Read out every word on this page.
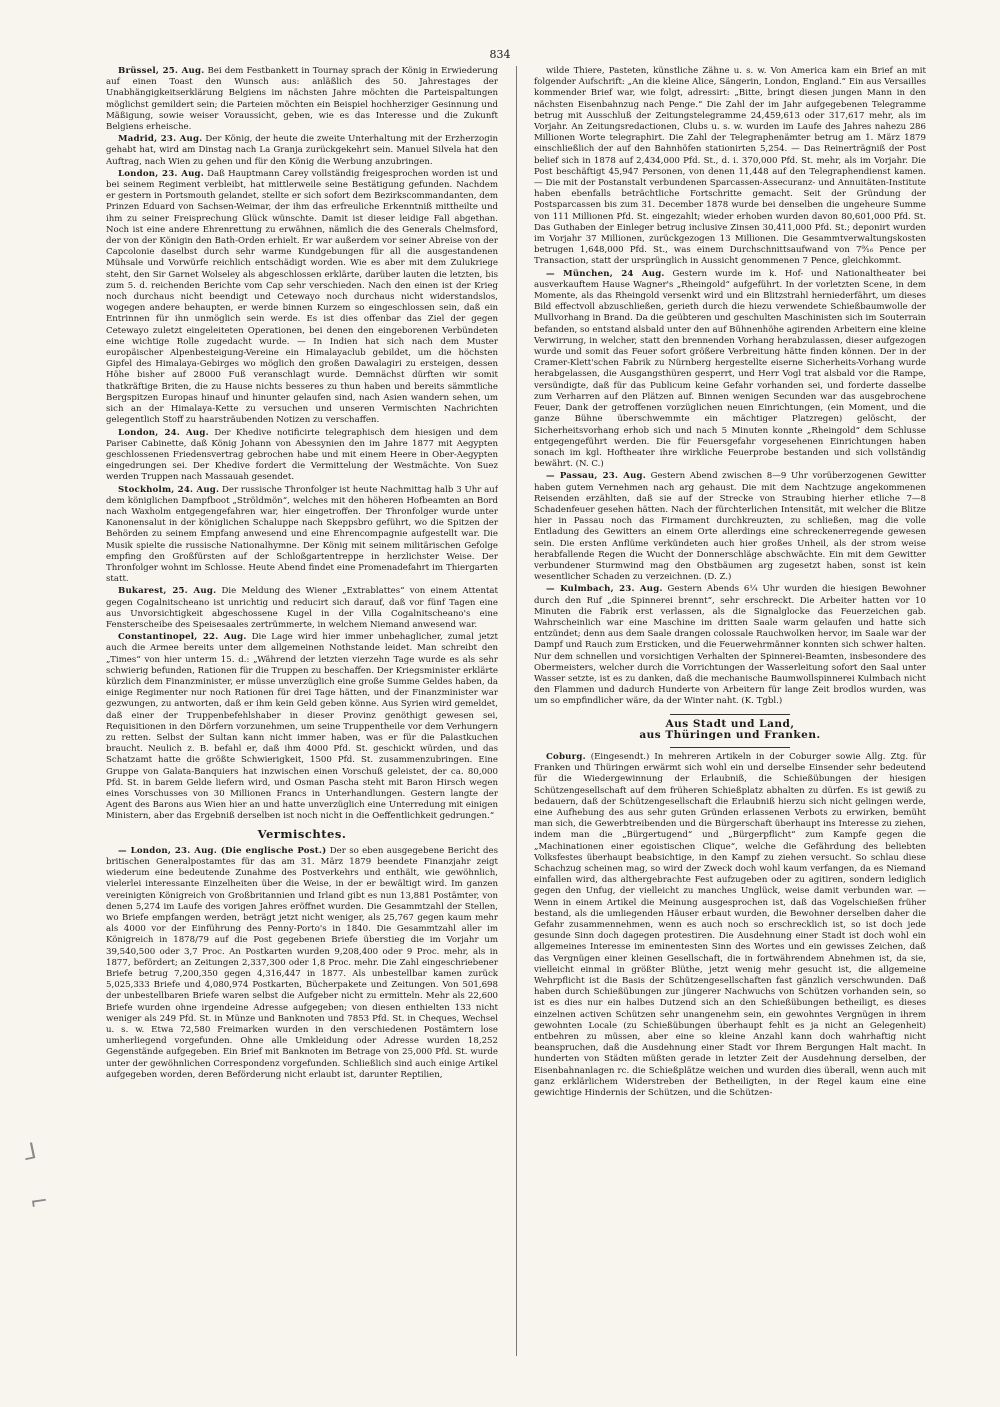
834

Brüssel, 25. Aug. Bei dem Festbankett in Tournay sprach der König in Erwiederung auf einen Toast den Wunsch aus: anläßlich des 50. Jahrestages der Unabhängigkeitserklärung Belgiens im nächsten Jahre möchten die Parteispaltungen möglichst gemildert sein; die Parteien möchten ein Beispiel hochherziger Gesinnung und Mäßigung, sowie weiser Voraussicht, geben, wie es das Interesse und die Zukunft Belgiens erheische.

Madrid, 23. Aug. Der König, der heute die zweite Unterhaltung mit der Erzherzogin gehabt hat, wird am Dinstag nach La Granja zurückgekehrt sein. Manuel Silvela hat den Auftrag, nach Wien zu gehen und für den König die Werbung anzubringen.

London, 23. Aug. Daß Hauptmann Carey vollständig freigesprochen worden ist und bei seinem Regiment verbleibt, hat mittlerweile seine Bestätigung gefunden. Nachdem er gestern in Portsmouth gelandet, stellte er sich sofort dem Bezirkscommandanten, dem Prinzen Eduard von Sachsen-Weimar, der ihm das erfreuliche Erkenntniß mittheilte und ihm zu seiner Freisprechung Glück wünschte. Damit ist dieser leidige Fall abgethan. Noch ist eine andere Ehrenrettung zu erwähnen, nämlich die des Generals Chelmsford, der von der Königin den Bath-Orden erhielt. Er war außerdem vor seiner Abreise von der Capcolonie daselbst durch sehr warme Kundgebungen für all die ausgestandenen Mühsale und Vorwürfe reichlich entschädigt worden. Wie es aber mit dem Zulukriege steht, den Sir Garnet Wolseley als abgeschlossen erklärte, darüber lauten die letzten, bis zum 5. d. reichenden Berichte vom Cap sehr verschieden. Nach den einen ist der Krieg noch durchaus nicht beendigt und Cetewayo noch durchaus nicht widerstandslos, wogegen andere behaupten, er werde binnen Kurzem so eingeschlossen sein, daß ein Entrinnen für ihn unmöglich sein werde. Es ist dies offenbar das Ziel der gegen Cetewayo zuletzt eingeleiteten Operationen, bei denen den eingeborenen Verbündeten eine wichtige Rolle zugedacht wurde. — In Indien hat sich nach dem Muster europäischer Alpenbesteigung-Vereine ein Himalayaclub gebildet, um die höchsten Gipfel des Himalaya-Gebirges wo möglich den großen Dawalagiri zu ersteigen, dessen Höhe bisher auf 28000 Fuß veranschlagt wurde. Demnächst dürften wir somit thatkräftige Briten, die zu Hause nichts besseres zu thun haben und bereits sämmtliche Bergspitzen Europas hinauf und hinunter gelaufen sind, nach Asien wandern sehen, um sich an der Himalaya-Kette zu versuchen und unseren Vermischten Nachrichten gelegentlich Stoff zu haarsträubenden Notizen zu verschaffen.

London, 24. Aug. Der Khedive notificirte telegraphisch dem hiesigen und dem Pariser Cabinette, daß König Johann von Abessynien den im Jahre 1877 mit Aegypten geschlossenen Friedensvertrag gebrochen habe und mit einem Heere in Ober-Aegypten eingedrungen sei. Der Khedive fordert die Vermittelung der Westmächte. Von Suez werden Truppen nach Massauah gesendet.

Stockholm, 24. Aug. Der russische Thronfolger ist heute Nachmittag halb 3 Uhr auf dem königlichen Dampfboot „Ströldmön“, welches mit den höheren Hofbeamten an Bord nach Waxholm entgegengefahren war, hier eingetroffen. Der Thronfolger wurde unter Kanonensalut in der königlichen Schaluppe nach Skeppsbro geführt, wo die Spitzen der Behörden zu seinem Empfang anwesend und eine Ehrencompagnie aufgestellt war. Die Musik spielte die russische Nationalhymne. Der König mit seinem militärischen Gefolge empfing den Großfürsten auf der Schloßgartentreppe in herzlichster Weise. Der Thronfolger wohnt im Schlosse. Heute Abend findet eine Promenadefahrt im Thiergarten statt.

Bukarest, 25. Aug. Die Meldung des Wiener „Extrablattes“ von einem Attentat gegen Cogalnitscheano ist unrichtig und reducirt sich darauf, daß vor fünf Tagen eine aus Unvorsichtigkeit abgeschossene Kugel in der Villa Cogalnitscheano's eine Fensterscheibe des Speisesaales zertrümmerte, in welchem Niemand anwesend war.

Constantinopel, 22. Aug. Die Lage wird hier immer unbehaglicher, zumal jetzt auch die Armee bereits unter dem allgemeinen Nothstande leidet. Man schreibt den „Times“ von hier unterm 15. d.: „Während der letzten vierzehn Tage wurde es als sehr schwierig befunden, Rationen für die Truppen zu beschaffen. Der Kriegsminister erklärte kürzlich dem Finanzminister, er müsse unverzüglich eine große Summe Geldes haben, da einige Regimenter nur noch Rationen für drei Tage hätten, und der Finanzminister war gezwungen, zu antworten, daß er ihm kein Geld geben könne. Aus Syrien wird gemeldet, daß einer der Truppenbefehlshaber in dieser Provinz genöthigt gewesen sei, Requisitionen in den Dörfern vorzunehmen, um seine Truppentheile vor dem Verhungern zu retten. Selbst der Sultan kann nicht immer haben, was er für die Palastkuchen braucht. Neulich z. B. befahl er, daß ihm 4000 Pfd. St. geschickt würden, und das Schatzamt hatte die größte Schwierigkeit, 1500 Pfd. St. zusammenzubringen. Eine Gruppe von Galata-Banquiers hat inzwischen einen Vorschuß geleistet, der ca. 80,000 Pfd. St. in barem Gelde liefern wird, und Osman Pascha steht mit Baron Hirsch wegen eines Vorschusses von 30 Millionen Francs in Unterhandlungen. Gestern langte der Agent des Barons aus Wien hier an und hatte unverzüglich eine Unterredung mit einigen Ministern, aber das Ergebniß derselben ist noch nicht in die Oeffentlichkeit gedrungen.“

Vermischtes.

— London, 23. Aug. (Die englische Post.) Der so eben ausgegebene Bericht des britischen Generalpostamtes für das am 31. März 1879 beendete Finanzjahr zeigt wiederum eine bedeutende Zunahme des Postverkehrs und enthält, wie gewöhnlich, vielerlei interessante Einzelheiten über die Weise, in der er bewältigt wird. Im ganzen vereinigten Königreich von Großbritannien und Irland gibt es nun 13,881 Postämter, von denen 5,274 im Laufe des vorigen Jahres eröffnet wurden. Die Gesammtzahl der Stellen, wo Briefe empfangen werden, beträgt jetzt nicht weniger, als 25,767 gegen kaum mehr als 4000 vor der Einführung des Penny-Porto's in 1840. Die Gesammtzahl aller im Königreich in 1878/79 auf die Post gegebenen Briefe überstieg die im Vorjahr um 39,540,500 oder 3,7 Proc. An Postkarten wurden 9,208,400 oder 9 Proc. mehr, als in 1877, befördert; an Zeitungen 2,337,300 oder 1,8 Proc. mehr. Die Zahl eingeschriebener Briefe betrug 7,200,350 gegen 4,316,447 in 1877. Als unbestellbar kamen zurück 5,025,333 Briefe und 4,080,974 Postkarten, Bücherpakete und Zeitungen. Von 501,698 der unbestellbaren Briefe waren selbst die Aufgeber nicht zu ermitteln. Mehr als 22,600 Briefe wurden ohne irgendeine Adresse aufgegeben; von diesen enthielten 133 nicht weniger als 249 Pfd. St. in Münze und Banknoten und 7853 Pfd. St. in Cheques, Wechsel u. s. w. Etwa 72,580 Freimarken wurden in den verschiedenen Postämtern lose umherliegend vorgefunden. Ohne alle Umkleidung oder Adresse wurden 18,252 Gegenstände aufgegeben. Ein Brief mit Banknoten im Betrage von 25,000 Pfd. St. wurde unter der gewöhnlichen Correspondenz vorgefunden. Schließlich sind auch einige Artikel aufgegeben worden, deren Beförderung nicht erlaubt ist, darunter Reptilien,

wilde Thiere, Pasteten, künstliche Zähne u. s. w. Von America kam ein Brief an mit folgender Aufschrift: „An die kleine Alice, Sängerin, London, England.“ Ein aus Versailles kommender Brief war, wie folgt, adressirt: „Bitte, bringt diesen jungen Mann in den nächsten Eisenbahnzug nach Penge.“ Die Zahl der im Jahr aufgegebenen Telegramme betrug mit Ausschluß der Zeitungstelegramme 24,459,613 oder 317,617 mehr, als im Vorjahr. An Zeitungsredactionen, Clubs u. s. w. wurden im Laufe des Jahres nahezu 286 Millionen Worte telegraphirt. Die Zahl der Telegraphenämter betrug am 1. März 1879 einschließlich der auf den Bahnhöfen stationirten 5,254. — Das Reinerträgniß der Post belief sich in 1878 auf 2,434,000 Pfd. St., d. i. 370,000 Pfd. St. mehr, als im Vorjahr. Die Post beschäftigt 45,947 Personen, von denen 11,448 auf den Telegraphendienst kamen. — Die mit der Postanstalt verbundenen Sparcassen-Assecuranz- und Annuitäten-Institute haben ebenfalls beträchtliche Fortschritte gemacht. Seit der Gründung der Postsparcassen bis zum 31. December 1878 wurde bei denselben die ungeheure Summe von 111 Millionen Pfd. St. eingezahlt; wieder erhoben wurden davon 80,601,000 Pfd. St. Das Guthaben der Einleger betrug inclusive Zinsen 30,411,000 Pfd. St.; deponirt wurden im Vorjahr 37 Millionen, zurückgezogen 13 Millionen. Die Gesammtverwaltungskosten betrugen 1,648,000 Pfd. St., was einem Durchschnittsaufwand von 7⁹⁄₁₆ Pence per Transaction, statt der ursprünglich in Aussicht genommenen 7 Pence, gleichkommt.

— München, 24 Aug. Gestern wurde im k. Hof- und Nationaltheater bei ausverkauftem Hause Wagner's „Rheingold“ aufgeführt. In der vorletzten Scene, in dem Momente, als das Rheingold versenkt wird und ein Blitzstrahl herniederfährt, um dieses Bild effectvoll abzuschließen, gerieth durch die hiezu verwendete Schießbaumwolle der Mullvorhang in Brand. Da die geübteren und geschulten Maschinisten sich im Souterrain befanden, so entstand alsbald unter den auf Bühnenhöhe agirenden Arbeitern eine kleine Verwirrung, in welcher, statt den brennenden Vorhang herabzulassen, dieser aufgezogen wurde und somit das Feuer sofort größere Verbreitung hätte finden können. Der in der Cramer-Klett'schen Fabrik zu Nürnberg hergestellte eiserne Sicherheits-Vorhang wurde herabgelassen, die Ausgangsthüren gesperrt, und Herr Vogl trat alsbald vor die Rampe, versündigte, daß für das Publicum keine Gefahr vorhanden sei, und forderte dasselbe zum Verharren auf den Plätzen auf. Binnen wenigen Secunden war das ausgebrochene Feuer, Dank der getroffenen vorzüglichen neuen Einrichtungen, (ein Moment, und die ganze Bühne überschwemmte ein mächtiger Platzregen) gelöscht, der Sicherheitsvorhang erhob sich und nach 5 Minuten konnte „Rheingold“ dem Schlusse entgegengeführt werden. Die für Feuersgefahr vorgesehenen Einrichtungen haben sonach im kgl. Hoftheater ihre wirkliche Feuerprobe bestanden und sich vollständig bewährt. (N. C.)

— Passau, 23. Aug. Gestern Abend zwischen 8—9 Uhr vorüberzogenen Gewitter haben gutem Vernehmen nach arg gehaust. Die mit dem Nachtzuge angekommenen Reisenden erzählten, daß sie auf der Strecke von Straubing hierher etliche 7—8 Schadenfeuer gesehen hätten. Nach der fürchterlichen Intensität, mit welcher die Blitze hier in Passau noch das Firmament durchkreuzten, zu schließen, mag die volle Entladung des Gewitters an einem Orte allerdings eine schreckenerregende gewesen sein. Die ersten Anflüme verkündeten auch hier großes Unheil, als der strom weise herabfallende Regen die Wucht der Donnerschläge abschwächte. Ein mit dem Gewitter verbundener Sturmwind mag den Obstbäumen arg zugesetzt haben, sonst ist kein wesentlicher Schaden zu verzeichnen. (D. Z.)

— Kulmbach, 23. Aug. Gestern Abends 6¼ Uhr wurden die hiesigen Bewohner durch den Ruf „die Spinnerei brennt“, sehr erschreckt. Die Arbeiter hatten vor 10 Minuten die Fabrik erst verlassen, als die Signalglocke das Feuerzeichen gab. Wahrscheinlich war eine Maschine im dritten Saale warm gelaufen und hatte sich entzündet; denn aus dem Saale drangen colossale Rauchwolken hervor, im Saale war der Dampf und Rauch zum Ersticken, und die Feuerwehrmänner konnten sich schwer halten. Nur dem schnellen und vorsichtigen Verhalten der Spinnerei-Beamten, insbesondere des Obermeisters, welcher durch die Vorrichtungen der Wasserleitung sofort den Saal unter Wasser setzte, ist es zu danken, daß die mechanische Baumwollspinnerei Kulmbach nicht den Flammen und dadurch Hunderte von Arbeitern für lange Zeit brodlos wurden, was um so empfindlicher wäre, da der Winter naht. (K. Tgbl.)

Aus Stadt und Land,
aus Thüringen und Franken.

Coburg. (Eingesendt.) In mehreren Artikeln in der Coburger sowie Allg. Ztg. für Franken und Thüringen erwärmt sich wohl ein und derselbe Einsender sehr bedeutend für die Wiedergewinnung der Erlaubniß, die Schießübungen der hiesigen Schützengesellschaft auf dem früheren Schießplatz abhalten zu dürfen. Es ist gewiß zu bedauern, daß der Schützengesellschaft die Erlaubniß hierzu sich nicht gelingen werde, eine Aufhebung des aus sehr guten Gründen erlassenen Verbots zu erwirken, bemüht man sich, die Gewerbtreibenden und die Bürgerschaft überhaupt ins Interesse zu ziehen, indem man die „Bürgertugend“ und „Bürgerpflicht“ zum Kampfe gegen die „Machinationen einer egoistischen Clique“, welche die Gefährdung des beliebten Volksfestes überhaupt beabsichtige, in den Kampf zu ziehen versucht. So schlau diese Schachzug scheinen mag, so wird der Zweck doch wohl kaum verfangen, da es Niemand einfallen wird, das althergebrachte Fest aufzugeben oder zu agitiren, sondern lediglich gegen den Unfug, der vielleicht zu manches Unglück, weise damit verbunden war. — Wenn in einem Artikel die Meinung ausgesprochen ist, daß das Vogelschießen früher bestand, als die umliegenden Häuser erbaut wurden, die Bewohner derselben daher die Gefahr zusammennehmen, wenn es auch noch so erschrecklich ist, so ist doch jede gesunde Sinn doch dagegen protestiren. Die Ausdehnung einer Stadt ist doch wohl ein allgemeines Interesse im eminentesten Sinn des Wortes und ein gewisses Zeichen, daß das Vergnügen einer kleinen Gesellschaft, die in fortwährendem Abnehmen ist, da sie, vielleicht einmal in größter Blüthe, jetzt wenig mehr gesucht ist, die allgemeine Wehrpflicht ist die Basis der Schützengesellschaften fast gänzlich verschwunden. Daß haben durch Schießübungen zur jüngerer Nachwuchs von Schützen vorhanden sein, so ist es dies nur ein halbes Dutzend sich an den Schießübungen betheiligt, es dieses einzelnen activen Schützen sehr unangenehm sein, ein gewohntes Vergnügen in ihrem gewohnten Locale (zu Schießübungen überhaupt fehlt es ja nicht an Gelegenheit) entbehren zu müssen, aber eine so kleine Anzahl kann doch wahrhaftig nicht beanspruchen, daß die Ausdehnung einer Stadt vor Ihrem Bergungen Halt macht. In hunderten von Städten müßten gerade in letzter Zeit der Ausdehnung derselben, der Eisenbahnanlagen rc. die Schießplätze weichen und wurden dies überall, wenn auch mit ganz erklärlichem Widerstreben der Betheiligten, in der Regel kaum eine eine gewichtige Hindernis der Schützen, und die Schützen-

⅃
⌐
